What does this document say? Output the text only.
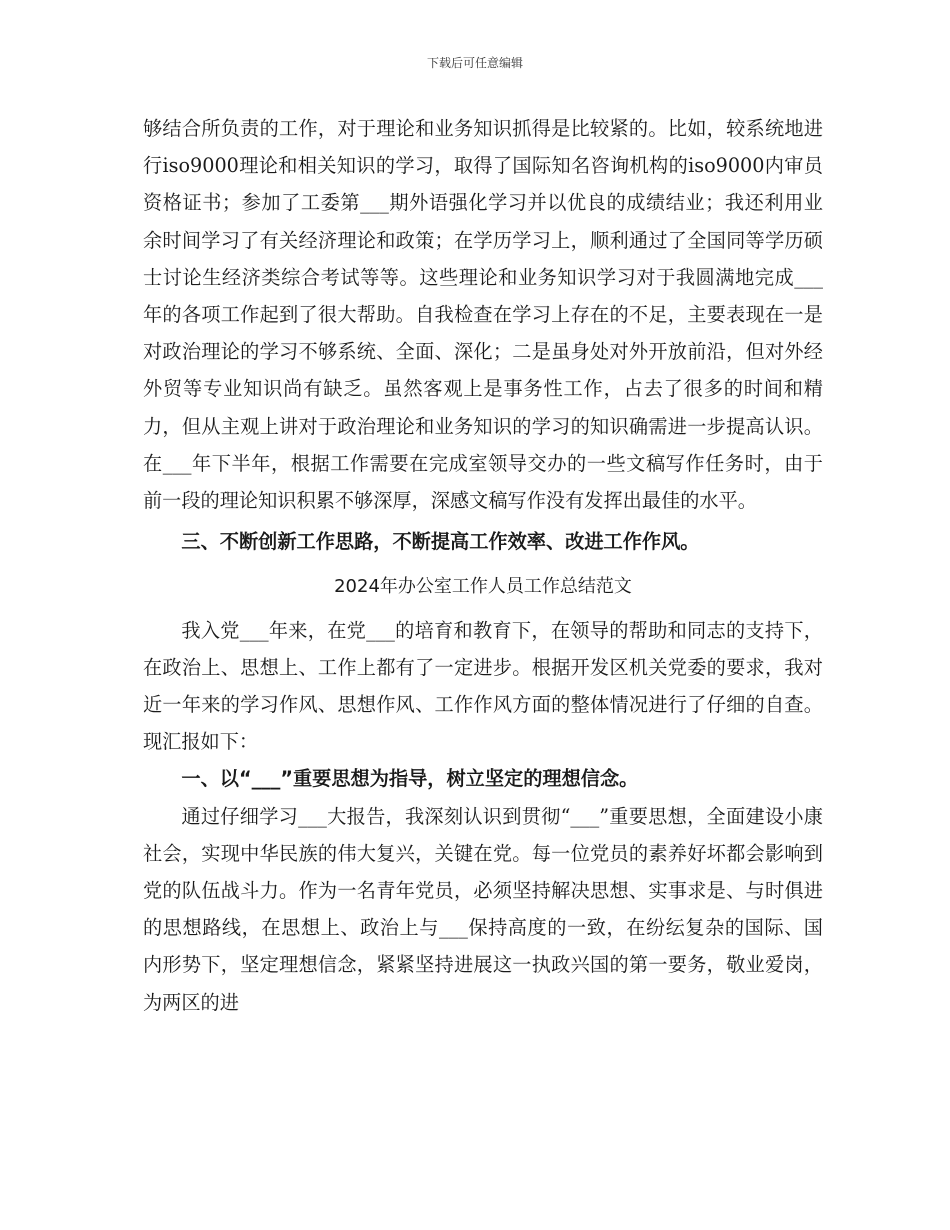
下载后可任意编辑

够结合所负责的工作，对于理论和业务知识抓得是比较紧的。比如，较系统地进行iso9000理论和相关知识的学习，取得了国际知名咨询机构的iso9000内审员资格证书；参加了工委第___期外语强化学习并以优良的成绩结业；我还利用业余时间学习了有关经济理论和政策；在学历学习上，顺利通过了全国同等学历硕士讨论生经济类综合考试等等。这些理论和业务知识学习对于我圆满地完成___年的各项工作起到了很大帮助。自我检查在学习上存在的不足，主要表现在一是对政治理论的学习不够系统、全面、深化；二是虽身处对外开放前沿，但对外经外贸等专业知识尚有缺乏。虽然客观上是事务性工作，占去了很多的时间和精力，但从主观上讲对于政治理论和业务知识的学习的知识确需进一步提高认识。在___年下半年，根据工作需要在完成室领导交办的一些文稿写作任务时，由于前一段的理论知识积累不够深厚，深感文稿写作没有发挥出最佳的水平。

三、不断创新工作思路，不断提高工作效率、改进工作作风。

2024年办公室工作人员工作总结范文

我入党___年来，在党___的培育和教育下，在领导的帮助和同志的支持下，在政治上、思想上、工作上都有了一定进步。根据开发区机关党委的要求，我对近一年来的学习作风、思想作风、工作作风方面的整体情况进行了仔细的自查。现汇报如下：

一、以“___”重要思想为指导，树立坚定的理想信念。

通过仔细学习___大报告，我深刻认识到贯彻“___”重要思想，全面建设小康社会，实现中华民族的伟大复兴，关键在党。每一位党员的素养好坏都会影响到党的队伍战斗力。作为一名青年党员，必须坚持解决思想、实事求是、与时俱进的思想路线，在思想上、政治上与___保持高度的一致，在纷纭复杂的国际、国内形势下，坚定理想信念，紧紧坚持进展这一执政兴国的第一要务，敬业爱岗，为两区的进
